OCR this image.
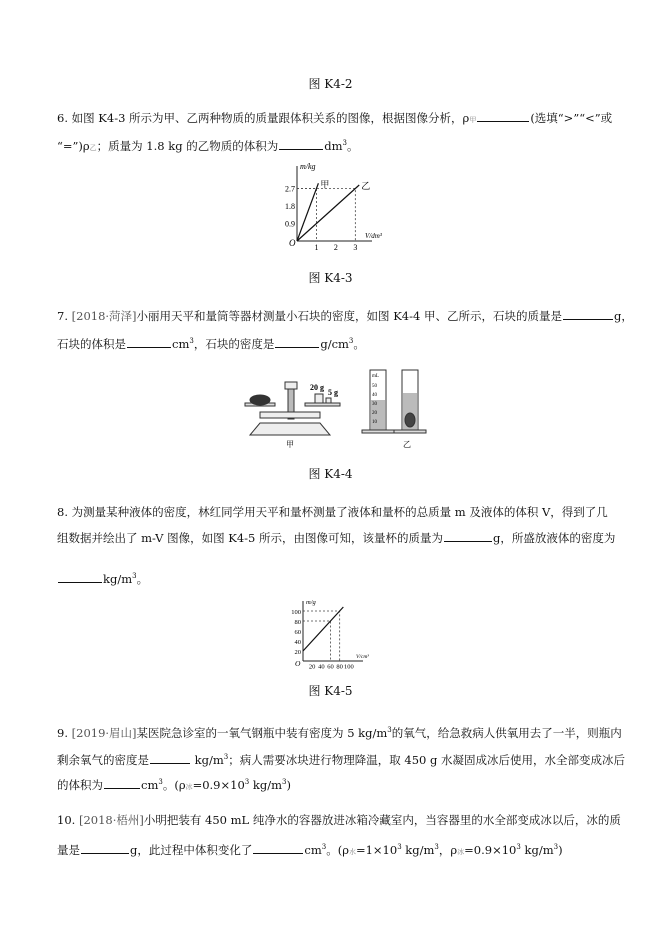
图 K4-2
6. 如图 K4-3 所示为甲、乙两种物质的质量跟体积关系的图像，根据图像分析，ρ甲	(选填“>”“<”或
“=”)ρ乙；质量为 1.8 kg 的乙物质的体积为	$dm^3$。
7. [2018·菏泽]小丽用天平和量筒等器材测量小石块的密度，如图 K4-4 甲、乙所示，石块的质量是	g，
石块的体积是	$cm^3$，石块的密度是	$g/cm^3$。
8. 为测量某种液体的密度，林红同学用天平和量杯测量了液体和量杯的总质量 m 及液体的体积 V，得到了几
组数据并绘出了 m-V 图像，如图 K4-5 所示，由图像可知，该量杯的质量为	g，所盛放液体的密度为
$kg/m^3$。
9. [2019·眉山]某医院急诊室的一氧气钢瓶中装有密度为 5 $kg/m^3$的氧气，给急救病人供氧用去了一半，则瓶内
剩余氧气的密度是	$kg/m^3$；病人需要冰块进行物理降温，取 450 g 水凝固成冰后使用，水全部变成冰后
的体积为	$cm^3$。(ρ冰$=0.9\times 10^3$ $kg/m^3$)
10. [2018·梧州]小明把装有 450 mL 纯净水的容器放进冰箱冷藏室内，当容器里的水全部变成冰以后，冰的质
量是	g，此过程中体积变化了	$cm^3$。(ρ水$=1\times 10^3$ $kg/m^3$，ρ冰$=0.9\times 10^3$ $kg/m^3$)
m/kg
V/dm³
O 1 2 3
0.9
1.8
2.7	甲	乙
图 K4-3
20 g
5 g
甲
mL
50
40
30
20
10
乙
图 K4-4
m/g
V/cm³
O 20 40 60 80 100
20
40
60
80
100
图 K4-5
